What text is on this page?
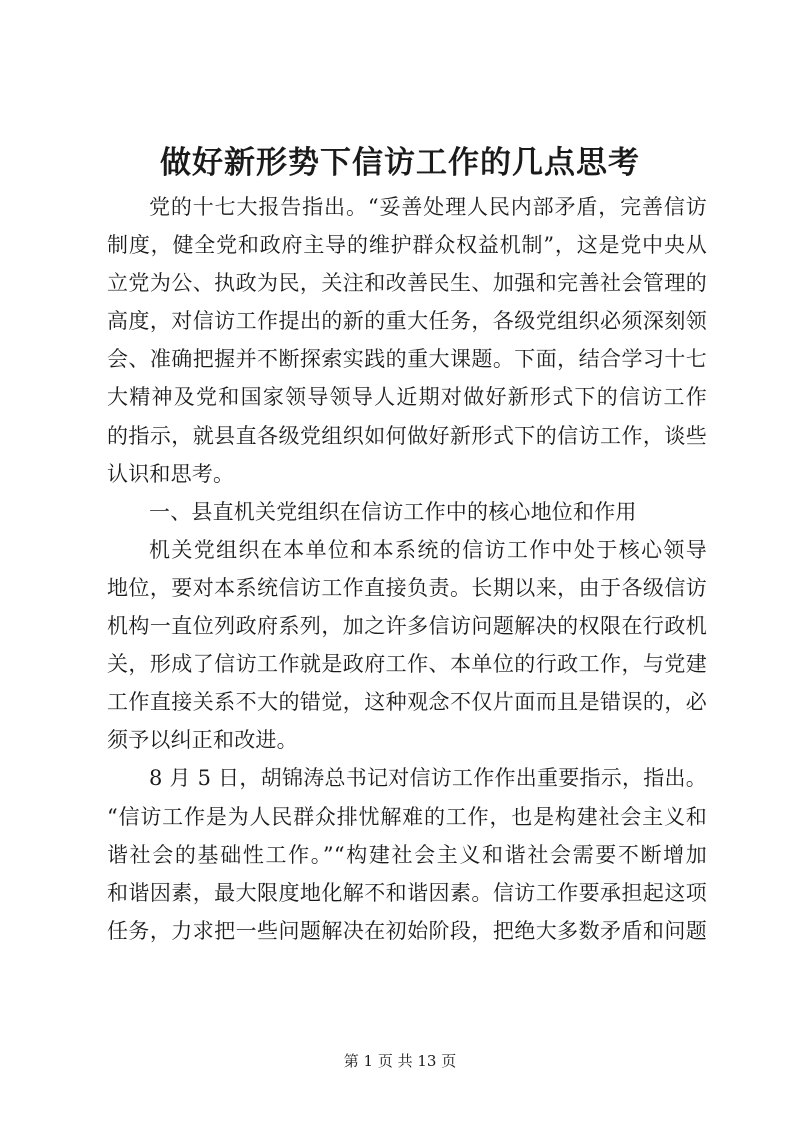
做好新形势下信访工作的几点思考
党的十七大报告指出。“妥善处理人民内部矛盾，完善信访
制度，健全党和政府主导的维护群众权益机制”，这是党中央从
立党为公、执政为民，关注和改善民生、加强和完善社会管理的
高度，对信访工作提出的新的重大任务，各级党组织必须深刻领
会、准确把握并不断探索实践的重大课题。下面，结合学习十七
大精神及党和国家领导领导人近期对做好新形式下的信访工作
的指示，就县直各级党组织如何做好新形式下的信访工作，谈些
认识和思考。
一、县直机关党组织在信访工作中的核心地位和作用
机关党组织在本单位和本系统的信访工作中处于核心领导
地位，要对本系统信访工作直接负责。长期以来，由于各级信访
机构一直位列政府系列，加之许多信访问题解决的权限在行政机
关，形成了信访工作就是政府工作、本单位的行政工作，与党建
工作直接关系不大的错觉，这种观念不仅片面而且是错误的，必
须予以纠正和改进。
8 月 5 日，胡锦涛总书记对信访工作作出重要指示，指出。
“信访工作是为人民群众排忧解难的工作，也是构建社会主义和
谐社会的基础性工作。”“构建社会主义和谐社会需要不断增加
和谐因素，最大限度地化解不和谐因素。信访工作要承担起这项
任务，力求把一些问题解决在初始阶段，把绝大多数矛盾和问题
第 1 页 共 13 页
